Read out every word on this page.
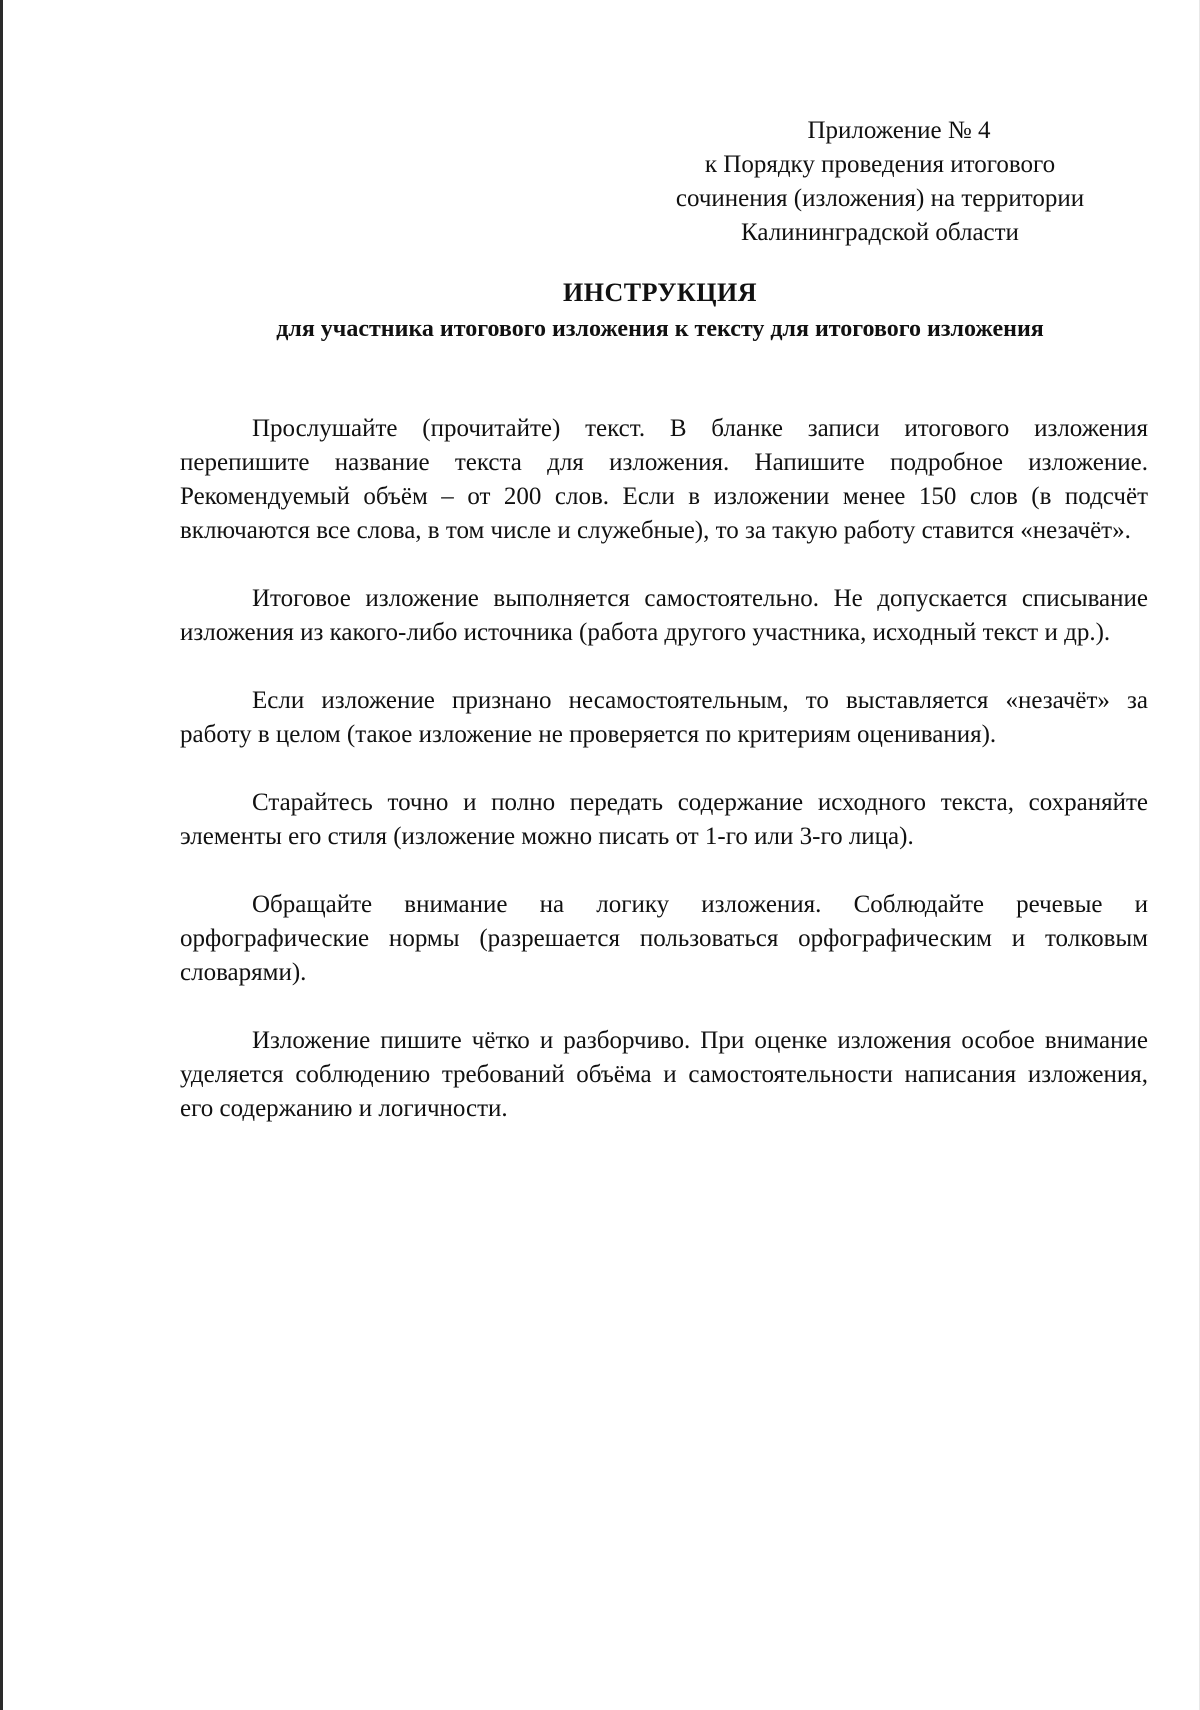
Приложение № 4
к Порядку проведения итогового
сочинения (изложения) на территории
Калининградской области
ИНСТРУКЦИЯ
для участника итогового изложения к тексту для итогового изложения

Прослушайте (прочитайте) текст. В бланке записи итогового изложения перепишите название текста для изложения. Напишите подробное изложение. Рекомендуемый объём – от 200 слов. Если в изложении менее 150 слов (в подсчёт включаются все слова, в том числе и служебные), то за такую работу ставится «незачёт».

Итоговое изложение выполняется самостоятельно. Не допускается списывание изложения из какого-либо источника (работа другого участника, исходный текст и др.).

Если изложение признано несамостоятельным, то выставляется «незачёт» за работу в целом (такое изложение не проверяется по критериям оценивания).

Старайтесь точно и полно передать содержание исходного текста, сохраняйте элементы его стиля (изложение можно писать от 1-го или 3-го лица).

Обращайте внимание на логику изложения. Соблюдайте речевые и орфографические нормы (разрешается пользоваться орфографическим и толковым словарями).

Изложение пишите чётко и разборчиво. При оценке изложения особое внимание уделяется соблюдению требований объёма и самостоятельности написания изложения, его содержанию и логичности.
